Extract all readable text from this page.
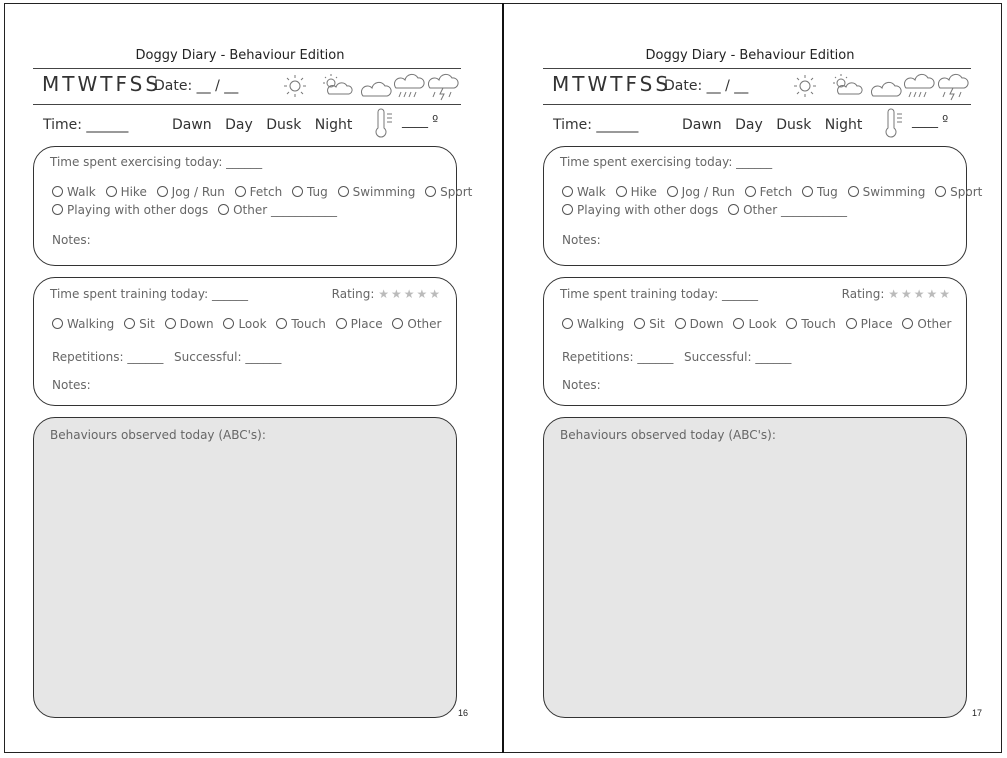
Doggy Diary - Behaviour Edition
MTWTFSS
Date: __ / __
Time: ______	Dawn Day Dusk Night	____ º
Time spent exercising today: ______
Walk Hike Jog / Run Fetch Tug Swimming Sport
Playing with other dogs Other ___________
Notes:
Time spent training today: ______	Rating: ★★★★★
Walking Sit Down Look Touch Place Other
Repetitions: ______ Successful: ______
Notes:
Behaviours observed today (ABC's):
16
Doggy Diary - Behaviour Edition
MTWTFSS
Date: __ / __
Time: ______	Dawn Day Dusk Night	____ º
Time spent exercising today: ______
Walk Hike Jog / Run Fetch Tug Swimming Sport
Playing with other dogs Other ___________
Notes:
Time spent training today: ______	Rating: ★★★★★
Walking Sit Down Look Touch Place Other
Repetitions: ______ Successful: ______
Notes:
Behaviours observed today (ABC's):
17
